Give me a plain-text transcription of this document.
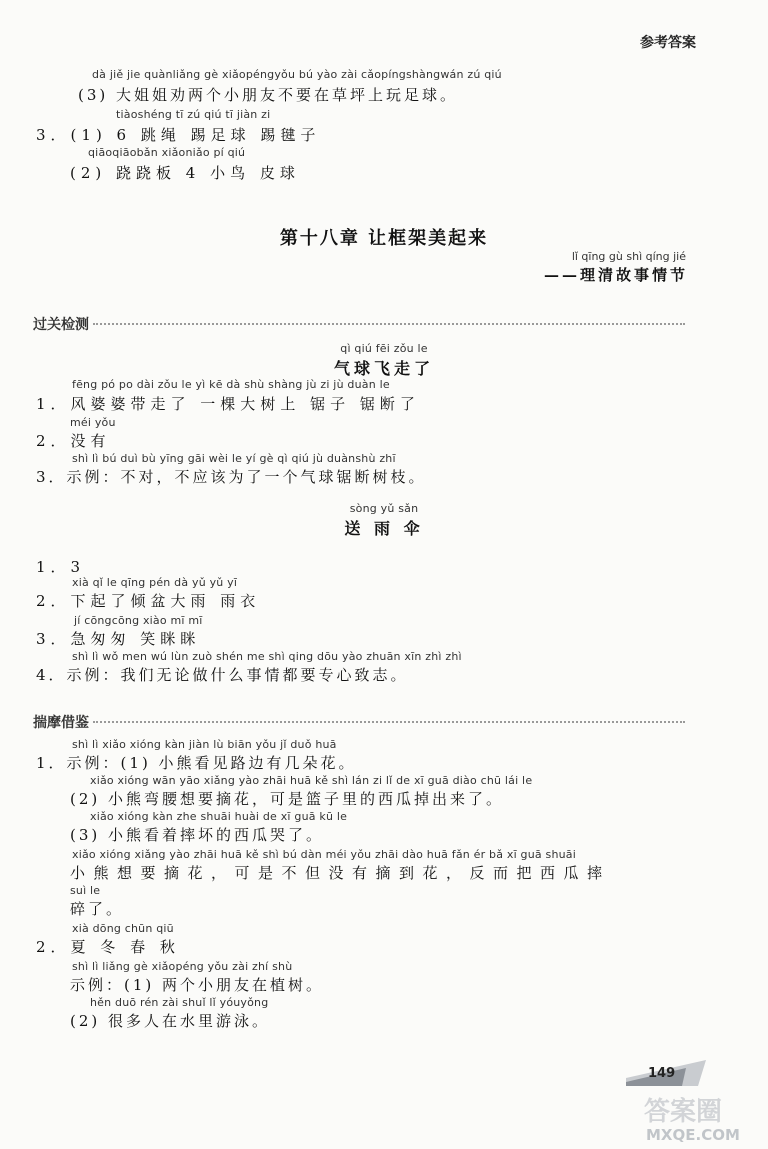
参考答案
dà jiě jie quànliǎng gè xiǎopéngyǒu bú yào zài cǎopíngshàngwán zú qiú
(3) 大姐姐劝两个小朋友不要在草坪上玩足球。
tiàoshéng tī zú qiú tī jiàn zi
3．(1) 6 跳绳 踢足球 踢毽子
qiāoqiāobǎn xiǎoniǎo pí qiú
(2) 跷跷板 4 小鸟 皮球
第十八章 让框架美起来
lǐ qīng gù shì qíng jié
——理清故事情节
过关检测
qì qiú fēi zǒu le
气球飞走了
fēng pó po dài zǒu le yì kē dà shù shàng jù zi jù duàn le
1．风婆婆带走了 一棵大树上 锯子 锯断了
méi yǒu
2．没有
shì lì bú duì bù yīng gāi wèi le yí gè qì qiú jù duànshù zhī
3．示例：不对，不应该为了一个气球锯断树枝。
sòng yǔ sǎn
送 雨 伞
1．3
xià qǐ le qīng pén dà yǔ yǔ yī
2．下起了倾盆大雨 雨衣
jí cōngcōng xiào mī mī
3．急匆匆 笑眯眯
shì lì wǒ men wú lùn zuò shén me shì qing dōu yào zhuān xīn zhì zhì
4．示例：我们无论做什么事情都要专心致志。
揣摩借鉴
shì lì xiǎo xióng kàn jiàn lù biān yǒu jǐ duǒ huā
1．示例：(1) 小熊看见路边有几朵花。
xiǎo xióng wān yāo xiǎng yào zhāi huā kě shì lán zi lǐ de xī guā diào chū lái le
(2) 小熊弯腰想要摘花，可是篮子里的西瓜掉出来了。
xiǎo xióng kàn zhe shuāi huài de xī guā kū le
(3) 小熊看着摔坏的西瓜哭了。
xiǎo xióng xiǎng yào zhāi huā kě shì bú dàn méi yǒu zhāi dào huā fǎn ér bǎ xī guā shuāi
小熊想要摘花，可是不但没有摘到花，反而把西瓜摔
suì le
碎了。
xià dōng chūn qiū
2．夏 冬 春 秋
shì lì liǎng gè xiǎopéng yǒu zài zhí shù
示例：(1) 两个小朋友在植树。
hěn duō rén zài shuǐ lǐ yóuyǒng
(2) 很多人在水里游泳。
149
答案圈
MXQE.COM
